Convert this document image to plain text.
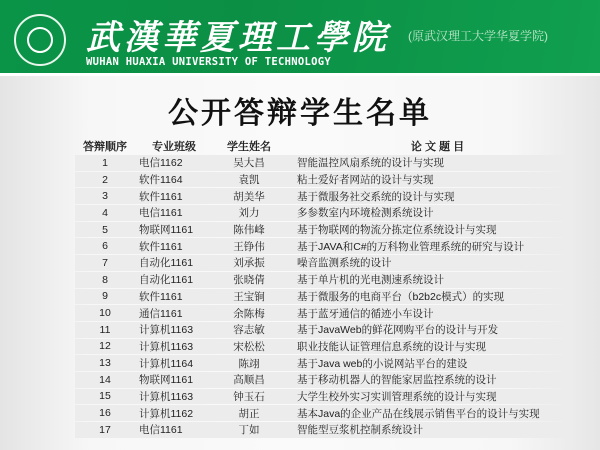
武漢華夏理工學院
WUHAN HUAXIA UNIVERSITY OF TECHNOLOGY
(原武汉理工大学华夏学院)
公开答辩学生名单
答辩顺序	专业班级	学生姓名	论 文 题 目
1	电信1162	吴大昌	智能温控风扇系统的设计与实现
2	软件1164	袁凯	粘土爱好者网站的设计与实现
3	软件1161	胡美华	基于微服务社交系统的设计与实现
4	电信1161	刘力	多参数室内环境检测系统设计
5	物联网1161	陈伟峰	基于物联网的物流分拣定位系统设计与实现
6	软件1161	王铮伟	基于JAVA和C#的万科物业管理系统的研究与设计
7	自动化1161	刘承振	噪音监测系统的设计
8	自动化1161	张晓倩	基于单片机的光电测速系统设计
9	软件1161	王宝锏	基于微服务的电商平台（b2b2c模式）的实现
10	通信1161	余陈梅	基于蓝牙通信的循迹小车设计
11	计算机1163	容志敏	基于JavaWeb的鲜花网购平台的设计与开发
12	计算机1163	宋松松	职业技能认证管理信息系统的设计与实现
13	计算机1164	陈翊	基于Java web的小说网站平台的建设
14	物联网1161	高顺昌	基于移动机器人的智能家居监控系统的设计
15	计算机1163	钟玉石	大学生校外实习实训管理系统的设计与实现
16	计算机1162	胡正	基本Java的企业产品在线展示销售平台的设计与实现
17	电信1161	丁如	智能型豆浆机控制系统设计
